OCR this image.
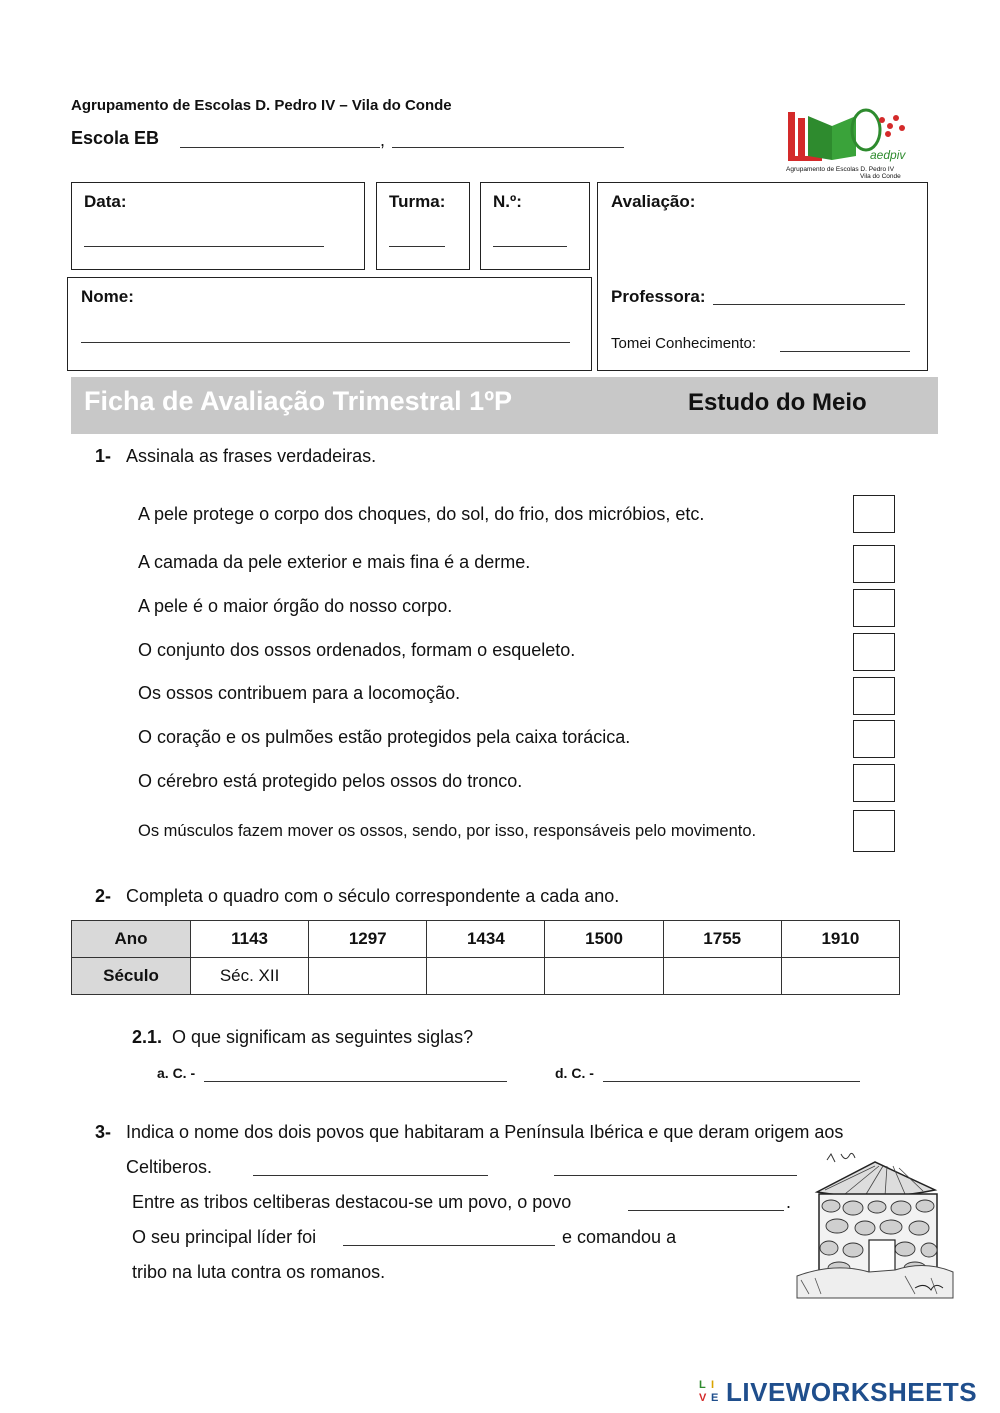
Agrupamento de Escolas D. Pedro IV – Vila do Conde
Escola EB	,
aedpiv
Agrupamento de Escolas D. Pedro IV
Vila do Conde
Data:	Turma:	N.º:	Avaliação:
Professora:
Tomei Conhecimento:
Nome:
Ficha de Avaliação Trimestral 1ºP	Estudo do Meio
1- Assinala as frases verdadeiras.
A pele protege o corpo dos choques, do sol, do frio, dos micróbios, etc.
A camada da pele exterior e mais fina é a derme.
A pele é o maior órgão do nosso corpo.
O conjunto dos ossos ordenados, formam o esqueleto.
Os ossos contribuem para a locomoção.
O coração e os pulmões estão protegidos pela caixa torácica.
O cérebro está protegido pelos ossos do tronco.
Os músculos fazem mover os ossos, sendo, por isso, responsáveis pelo movimento.
2- Completa o quadro com o século correspondente a cada ano.
Ano	1143	1297	1434	1500	1755	1910
Século	Séc. XII					
2.1. O que significam as seguintes siglas?
a. C. -	d. C. -
3- Indica o nome dos dois povos que habitaram a Península Ibérica e que deram origem aos
Celtiberos.
Entre as tribos celtiberas destacou-se um povo, o povo	.
O seu principal líder foi	e comandou a
tribo na luta contra os romanos.
L I
V E LIVEWORKSHEETS
